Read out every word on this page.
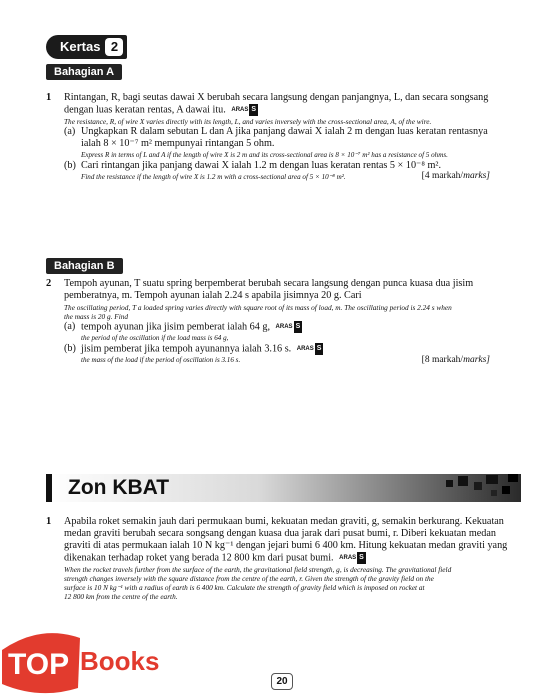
Kertas 2
Bahagian A
1 Rintangan, R, bagi seutas dawai X berubah secara langsung dengan panjangnya, L, dan secara songsang
dengan luas keratan rentas, A dawai itu. ARAS S
The resistance, R, of wire X varies directly with its length, L, and varies inversely with the cross-sectional area, A, of the wire.
(a) Ungkapkan R dalam sebutan L dan A jika panjang dawai X ialah 2 m dengan luas keratan rentasnya
ialah 8 × 10⁻⁷ m² mempunyai rintangan 5 ohm.
Express R in terms of L and A if the length of wire X is 2 m and its cross-sectional area is 8 × 10⁻⁷ m² has a resistance of 5 ohms.
(b) Cari rintangan jika panjang dawai X ialah 1.2 m dengan luas keratan rentas 5 × 10⁻⁸ m².
Find the resistance if the length of wire X is 1.2 m with a cross-sectional area of 5 × 10⁻⁸ m².	[4 markah/marks]
Bahagian B
2 Tempoh ayunan, T suatu spring berpemberat berubah secara langsung dengan punca kuasa dua jisim
pemberatnya, m. Tempoh ayunan ialah 2.24 s apabila jisimnya 20 g. Cari
The oscillating period, T a loaded spring varies directly with square root of its mass of load, m. The oscillating period is 2.24 s when
the mass is 20 g. Find
(a) tempoh ayunan jika jisim pemberat ialah 64 g, ARAS S
the period of the oscillation if the load mass is 64 g,
(b) jisim pemberat jika tempoh ayunannya ialah 3.16 s. ARAS S
the mass of the load if the period of oscillation is 3.16 s.	[8 markah/marks]
Zon KBAT
1 Apabila roket semakin jauh dari permukaan bumi, kekuatan medan graviti, g, semakin berkurang. Kekuatan
medan graviti berubah secara songsang dengan kuasa dua jarak dari pusat bumi, r. Diberi kekuatan medan
graviti di atas permukaan ialah 10 N kg⁻¹ dengan jejari bumi 6 400 km. Hitung kekuatan medan graviti yang
dikenakan terhadap roket yang berada 12 800 km dari pusat bumi. ARAS S
When the rocket travels further from the surface of the earth, the gravitational field strength, g, is decreasing. The gravitational field
strength changes inversely with the square distance from the centre of the earth, r. Given the strength of the gravity field on the
surface is 10 N kg⁻¹ with a radius of earth is 6 400 km. Calculate the strength of gravity field which is imposed on rocket at
12 800 km from the centre of the earth.
TOP Books
20
